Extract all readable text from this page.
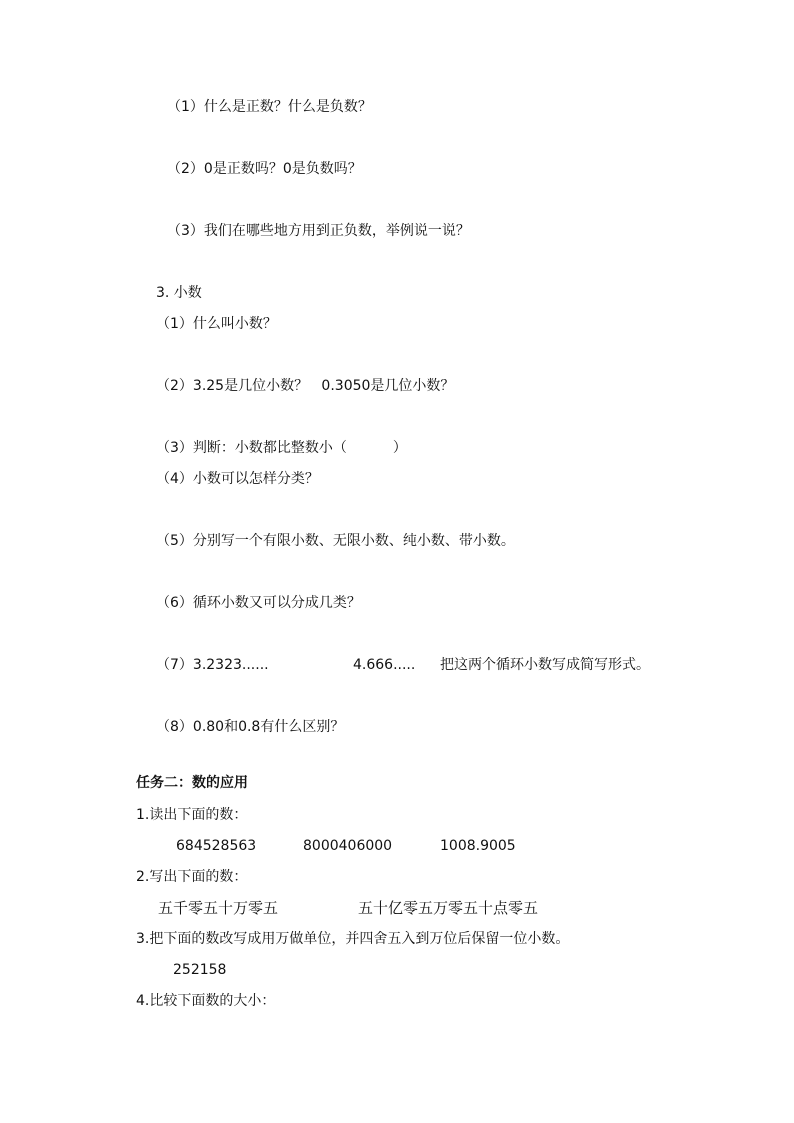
（1）什么是正数？什么是负数？
（2）0是正数吗？0是负数吗？
（3）我们在哪些地方用到正负数，举例说一说？
3. 小数
（1）什么叫小数？
（2）3.25是几位小数？   0.3050是几位小数？
（3）判断：小数都比整数小（	）
（4）小数可以怎样分类？
（5）分别写一个有限小数、无限小数、纯小数、带小数。
（6）循环小数又可以分成几类？
（7）3.2323......	4.666..... 把这两个循环小数写成简写形式。
（8）0.80和0.8有什么区别？
任务二：数的应用
1.读出下面的数：
684528563	8000406000	1008.9005
2.写出下面的数：
五千零五十万零五	五十亿零五万零五十点零五
3.把下面的数改写成用万做单位，并四舍五入到万位后保留一位小数。
252158
4.比较下面数的大小：
